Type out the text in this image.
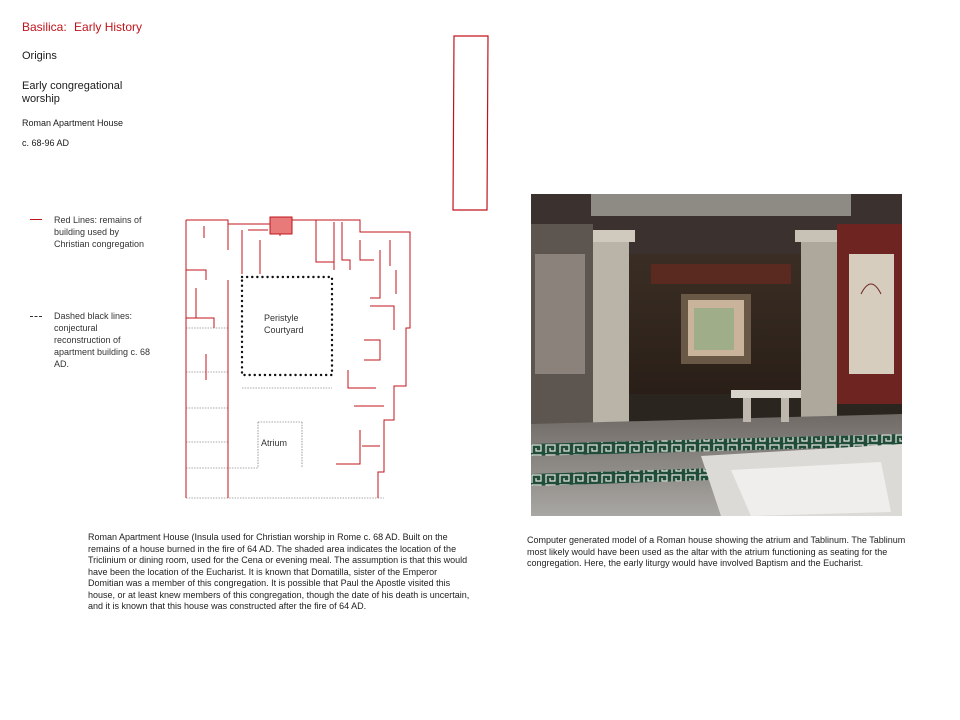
Basilica: Early History
Origins
Early congregational worship
Roman Apartment House
c. 68-96 AD
Red Lines: remains of building used by Christian congregation
Dashed black lines: conjectural reconstruction of apartment building c. 68 AD.
Peristyle
Courtyard
Atrium
Roman Apartment House (Insula used for Christian worship in Rome c. 68 AD. Built on the remains of a house burned in the fire of 64 AD. The shaded area indicates the location of the Triclinium or dining room, used for the Cena or evening meal. The assumption is that this would have been the location of the Eucharist. It is known that Domatilla, sister of the Emperor Domitian was a member of this congregation. It is possible that Paul the Apostle visited this house, or at least knew members of this congregation, though the date of his death is uncertain, and it is known that this house was constructed after the fire of 64 AD.
Computer generated model of a Roman house showing the atrium and Tablinum. The Tablinum most likely would have been used as the altar with the atrium functioning as seating for the congregation. Here, the early liturgy would have involved Baptism and the Eucharist.
